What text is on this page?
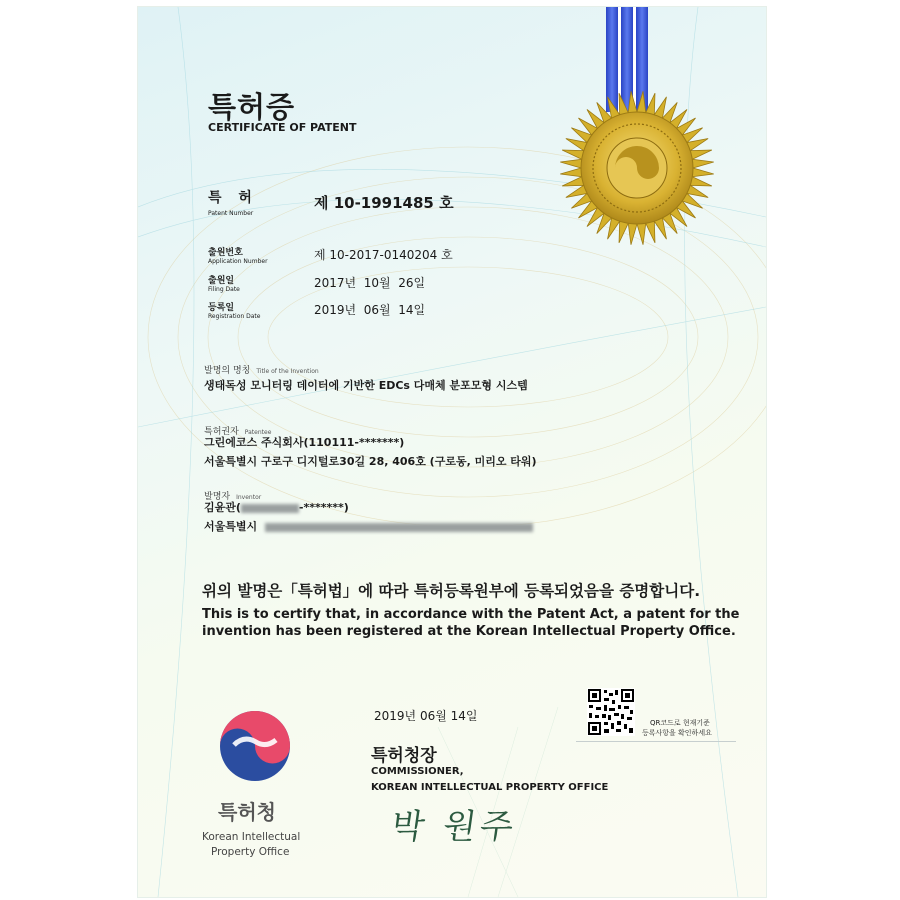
특허증
CERTIFICATE OF PATENT
특 허
Patent Number
제 10-1991485 호
출원번호
Application Number	제 10-2017-0140204 호
출원일
Filing Date	2017년  10월  26일
등록일
Registration Date	2019년  06월  14일
발명의 명칭 Title of the Invention
생태독성 모니터링 데이터에 기반한 EDCs 다매체 분포모형 시스템
특허권자 Patentee
그린에코스 주식회사(110111-*******)
서울특별시 구로구 디지털로30길 28, 406호 (구로동, 미리오 타워)
발명자 Inventor
김윤관(	-*******)
서울특별시
위의 발명은「특허법」에 따라 특허등록원부에 등록되었음을 증명합니다.
This is to certify that, in accordance with the Patent Act, a patent for the invention has been registered at the Korean Intellectual Property Office.
2019년 06월 14일	QR코드로 현재기준
등록사항을 확인하세요
특허청장
COMMISSIONER,
KOREAN INTELLECTUAL PROPERTY OFFICE
박 원주
특허청
Korean Intellectual
Property Office
